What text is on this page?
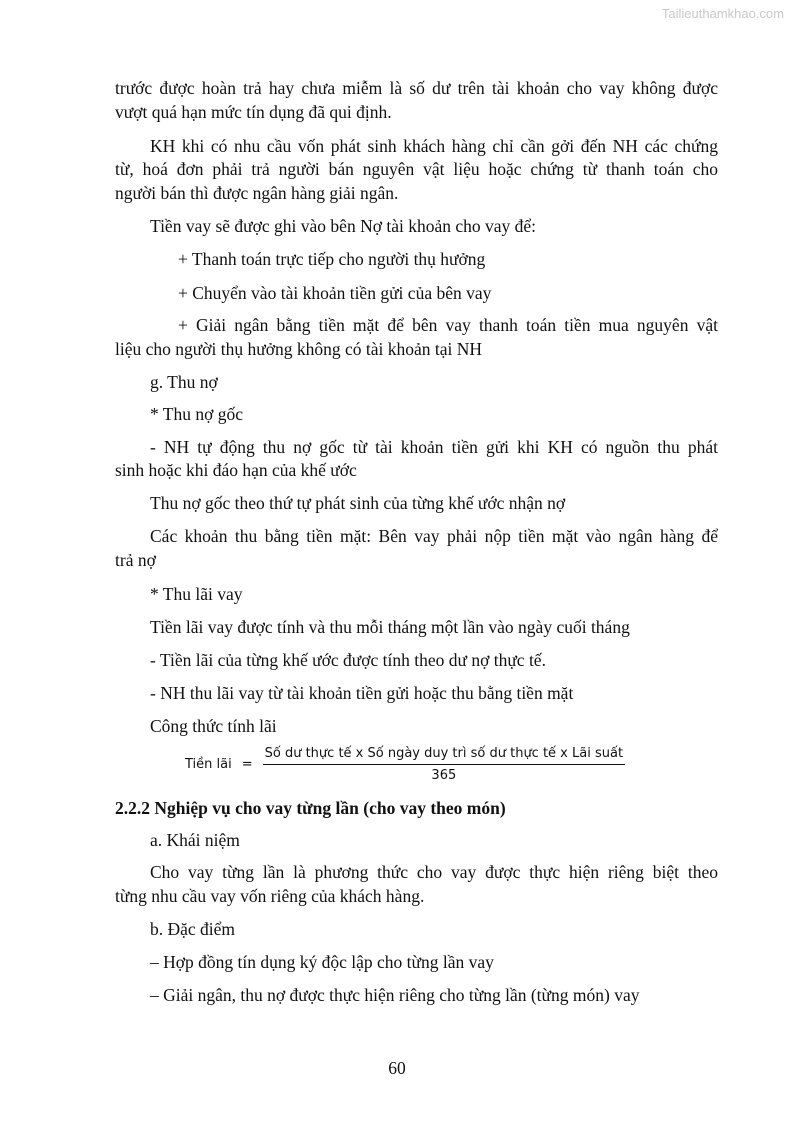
Tailieuthamkhao.com
trước được hoàn trả hay chưa miễm là số dư trên tài khoản cho vay không được
vượt quá hạn mức tín dụng đã qui định.
KH khi có nhu cầu vốn phát sinh khách hàng chỉ cần gởi đến NH các chứng
từ, hoá đơn phải trả người bán nguyên vật liệu hoặc chứng từ thanh toán cho
người bán thì được ngân hàng giải ngân.
Tiền vay sẽ được ghi vào bên Nợ tài khoản cho vay để:
+ Thanh toán trực tiếp cho người thụ hưởng
+ Chuyển vào tài khoản tiền gửi của bên vay
+ Giải ngân bằng tiền mặt để bên vay thanh toán tiền mua nguyên vật
liệu cho người thụ hưởng không có tài khoản tại NH
g. Thu nợ
* Thu nợ gốc
- NH tự động thu nợ gốc từ tài khoản tiền gửi khi KH có nguồn thu phát
sinh hoặc khi đáo hạn của khế ước
Thu nợ gốc theo thứ tự phát sinh của từng khế ước nhận nợ
Các khoản thu bằng tiền mặt: Bên vay phải nộp tiền mặt vào ngân hàng để
trả nợ
* Thu lãi vay
Tiền lãi vay được tính và thu mỗi tháng một lần vào ngày cuối tháng
- Tiền lãi của từng khế ước được tính theo dư nợ thực tế.
- NH thu lãi vay từ tài khoản tiền gửi hoặc thu bằng tiền mặt
Công thức tính lãi
Tiền lãi = $\frac{\text{Số dư thực tế x Số ngày duy trì số dư thực tế x Lãi suất}}{365}$
2.2.2 Nghiệp vụ cho vay từng lần (cho vay theo món)
a. Khái niệm
Cho vay từng lần là phương thức cho vay được thực hiện riêng biệt theo
từng nhu cầu vay vốn riêng của khách hàng.
b. Đặc điểm
– Hợp đồng tín dụng ký độc lập cho từng lần vay
– Giải ngân, thu nợ được thực hiện riêng cho từng lần (từng món) vay
60
